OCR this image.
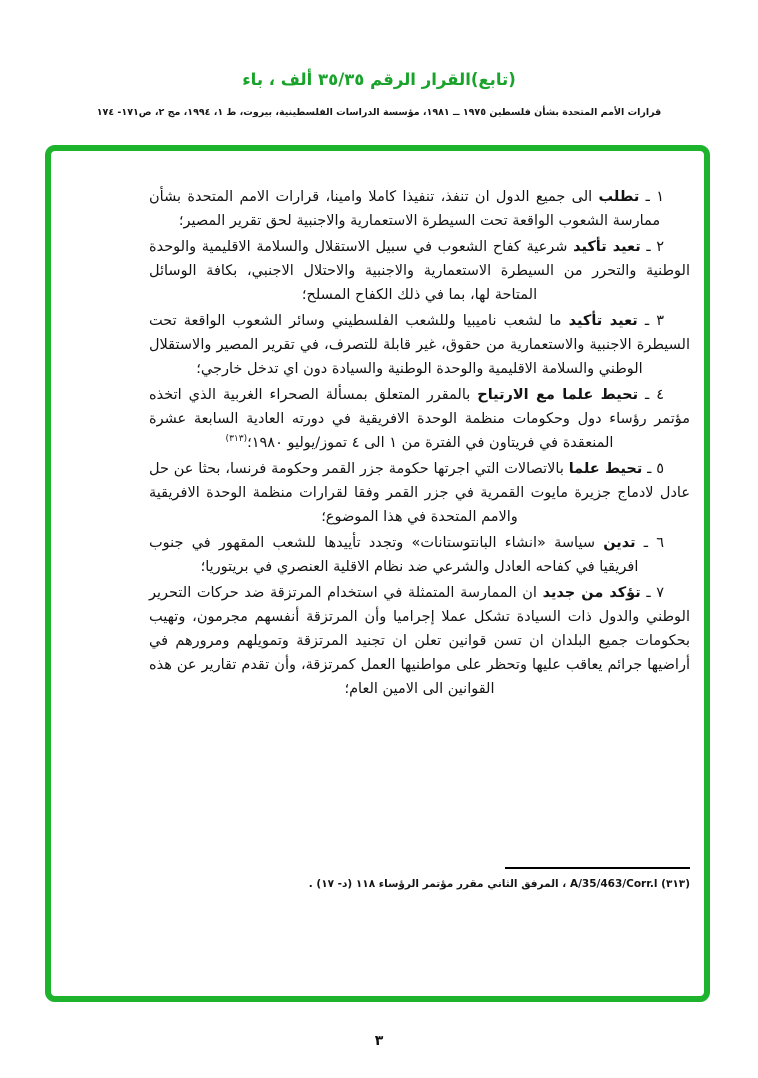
(تابع)القرار الرقم ٣٥/٣٥ ألف ، باء
قرارات الأمم المتحدة بشأن فلسطين ١٩٧٥ ــ ١٩٨١، مؤسسة الدراسات الفلسطينية، بيروت، ط ١، ١٩٩٤، مج ٢، ص١٧١- ١٧٤

١ ـ تطلب الى جميع الدول ان تنفذ، تنفيذا كاملا وامينا، قرارات الامم المتحدة بشأن ممارسة الشعوب الواقعة تحت السيطرة الاستعمارية والاجنبية لحق تقرير المصير؛

٢ ـ تعيد تأكيد شرعية كفاح الشعوب في سبيل الاستقلال والسلامة الاقليمية والوحدة الوطنية والتحرر من السيطرة الاستعمارية والاجنبية والاحتلال الاجنبي، بكافة الوسائل المتاحة لها، بما في ذلك الكفاح المسلح؛

٣ ـ تعيد تأكيد ما لشعب ناميبيا وللشعب الفلسطيني وسائر الشعوب الواقعة تحت السيطرة الاجنبية والاستعمارية من حقوق، غير قابلة للتصرف، في تقرير المصير والاستقلال الوطني والسلامة الاقليمية والوحدة الوطنية والسيادة دون اي تدخل خارجي؛

٤ ـ تحيط علما مع الارتياح بالمقرر المتعلق بمسألة الصحراء الغربية الذي اتخذه مؤتمر رؤساء دول وحكومات منظمة الوحدة الافريقية في دورته العادية السابعة عشرة المنعقدة في فريتاون في الفترة من ١ الى ٤ تموز/يوليو ١٩٨٠؛$^{(٣١٣)}$

٥ ـ تحيط علما بالاتصالات التي اجرتها حكومة جزر القمر وحكومة فرنسا، بحثا عن حل عادل لادماج جزيرة مايوت القمرية في جزر القمر وفقا لقرارات منظمة الوحدة الافريقية والامم المتحدة في هذا الموضوع؛

٦ ـ تدين سياسة «انشاء البانتوستانات» وتجدد تأييدها للشعب المقهور في جنوب افريقيا في كفاحه العادل والشرعي ضد نظام الاقلية العنصري في بريتوريا؛

٧ ـ تؤكد من جديد ان الممارسة المتمثلة في استخدام المرتزقة ضد حركات التحرير الوطني والدول ذات السيادة تشكل عملا إجراميا وأن المرتزقة أنفسهم مجرمون، وتهيب بحكومات جميع البلدان ان تسن قوانين تعلن ان تجنيد المرتزقة وتمويلهم ومرورهم في أراضيها جرائم يعاقب عليها وتحظر على مواطنيها العمل كمرتزقة، وأن تقدم تقارير عن هذه القوانين الى الامين العام؛

(٣١٣) A/35/463/Corr.l ، المرفق الثاني مقرر مؤتمر الرؤساء ١١٨ (د- ١٧) .
٣
